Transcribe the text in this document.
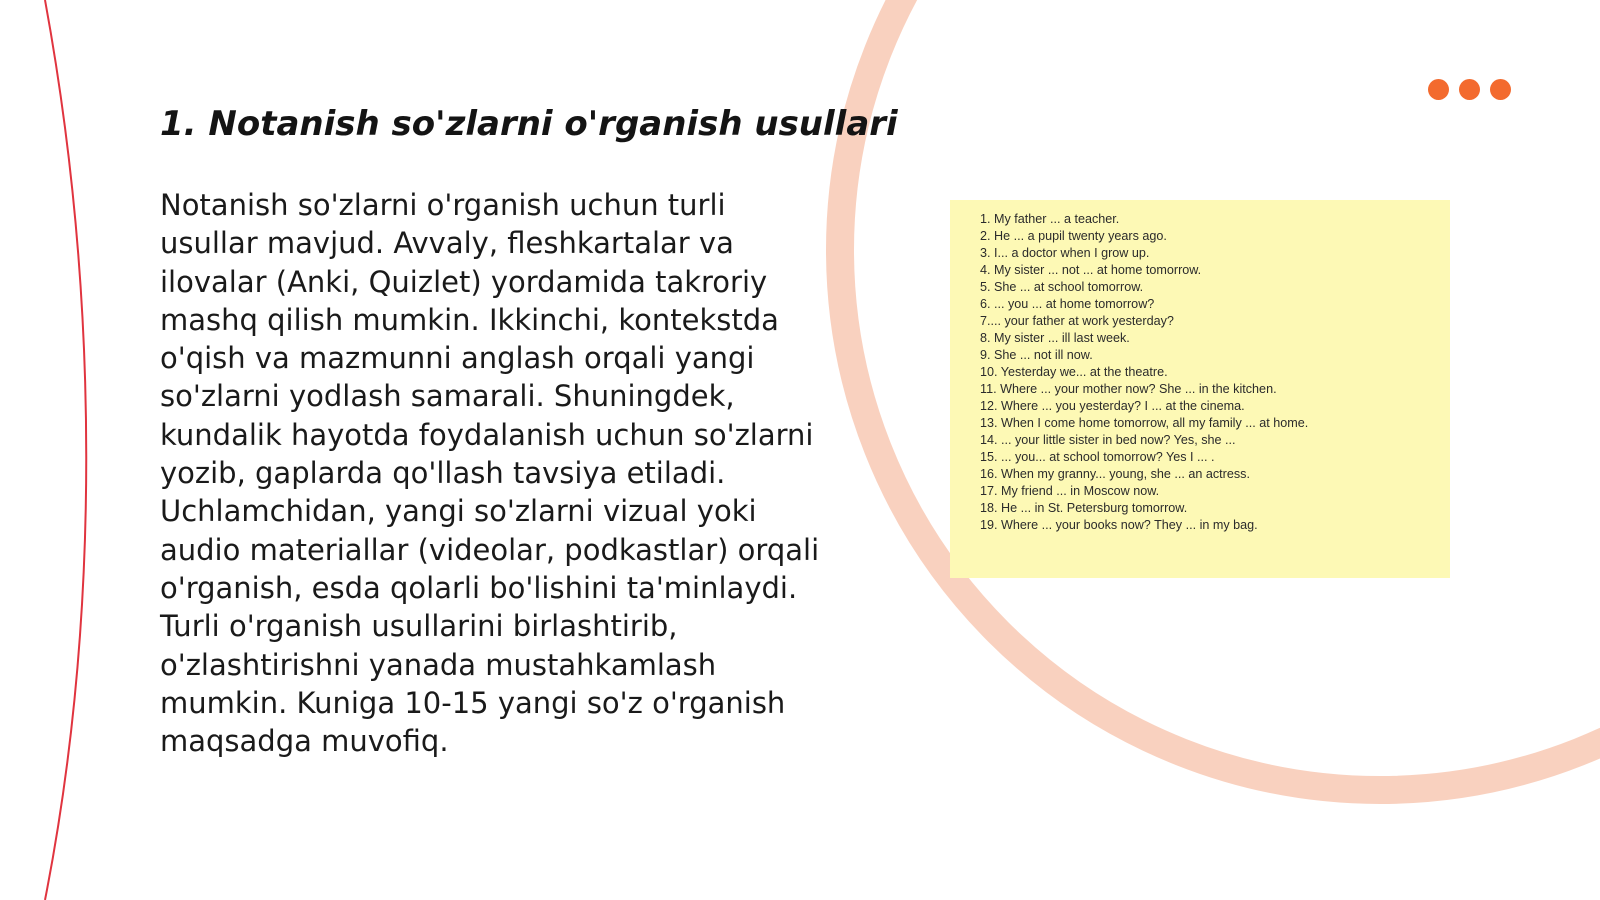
1. Notanish so'zlarni o'rganish usullari
Notanish so'zlarni o'rganish uchun turli
usullar mavjud. Avvaly, fleshkartalar va
ilovalar (Anki, Quizlet) yordamida takroriy
mashq qilish mumkin. Ikkinchi, kontekstda
o'qish va mazmunni anglash orqali yangi
so'zlarni yodlash samarali. Shuningdek,
kundalik hayotda foydalanish uchun so'zlarni
yozib, gaplarda qo'llash tavsiya etiladi.
Uchlamchidan, yangi so'zlarni vizual yoki
audio materiallar (videolar, podkastlar) orqali
o'rganish, esda qolarli bo'lishini ta'minlaydi.
Turli o'rganish usullarini birlashtirib,
o'zlashtirishni yanada mustahkamlash
mumkin. Kuniga 10-15 yangi so'z o'rganish
maqsadga muvofiq.
1. My father ... a teacher.
2. He ... a pupil twenty years ago.
3. I... a doctor when I grow up.
4. My sister ... not ... at home tomorrow.
5. She ... at school tomorrow.
6. ... you ... at home tomorrow?
7.... your father at work yesterday?
8. My sister ... ill last week.
9. She ... not ill now.
10. Yesterday we... at the theatre.
11. Where ... your mother now? She ... in the kitchen.
12. Where ... you yesterday? I ... at the cinema.
13. When I come home tomorrow, all my family ... at home.
14. ... your little sister in bed now? Yes, she ...
15. ... you... at school tomorrow? Yes I ... .
16. When my granny... young, she ... an actress.
17. My friend ... in Moscow now.
18. He ... in St. Petersburg tomorrow.
19. Where ... your books now? They ... in my bag.
